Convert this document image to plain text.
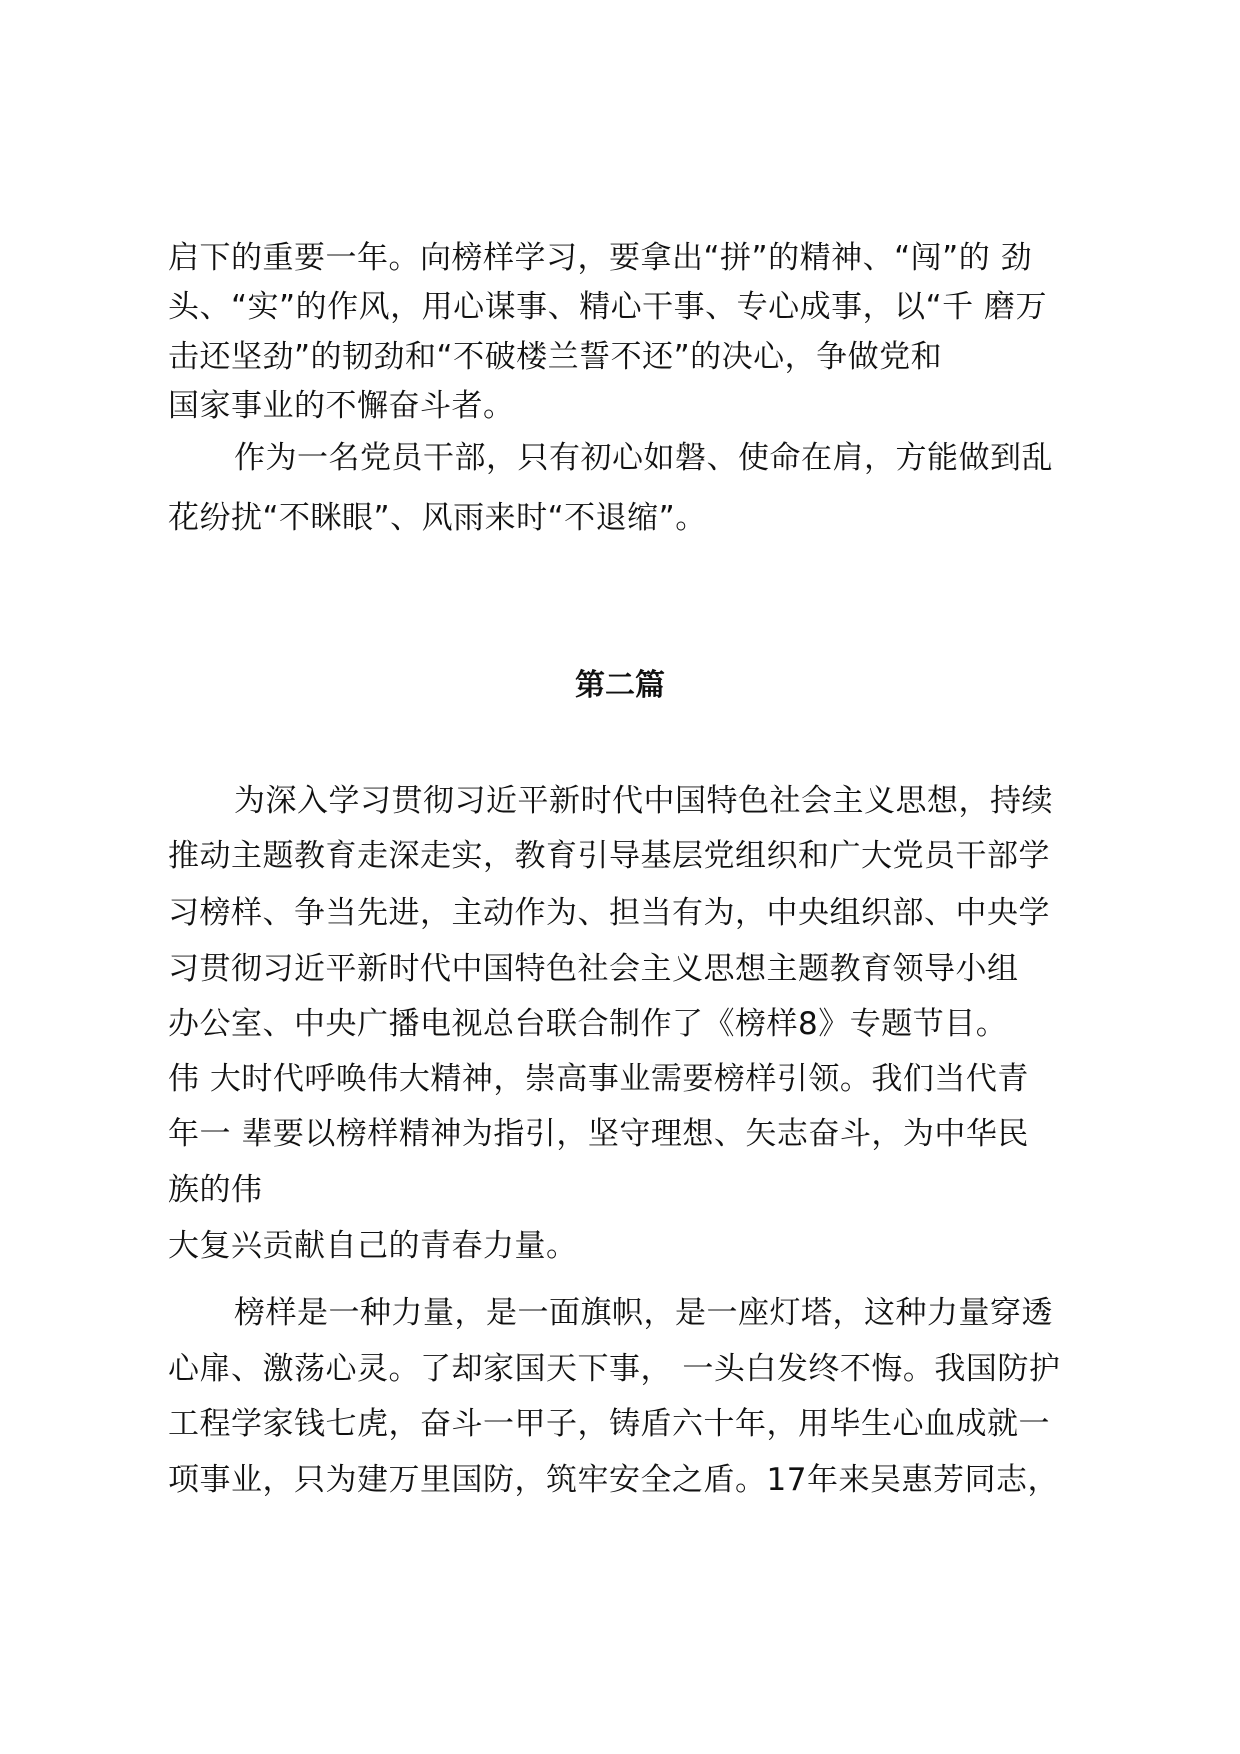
启下的重要一年。向榜样学习，要拿出“拼”的精神、“闯”的 劲
头、“实”的作风，用心谋事、精心干事、专心成事，以“千 磨万
击还坚劲”的韧劲和“不破楼兰誓不还”的决心，争做党和
国家事业的不懈奋斗者。
作为一名党员干部，只有初心如磐、使命在肩，方能做到乱
花纷扰“不眯眼”、风雨来时“不退缩”。
第二篇
为深入学习贯彻习近平新时代中国特色社会主义思想，持续
推动主题教育走深走实，教育引导基层党组织和广大党员干部学
习榜样、争当先进，主动作为、担当有为，中央组织部、中央学
习贯彻习近平新时代中国特色社会主义思想主题教育领导小组
办公室、中央广播电视总台联合制作了《榜样8》专题节目。
伟 大时代呼唤伟大精神，崇高事业需要榜样引领。我们当代青
年一 辈要以榜样精神为指引，坚守理想、矢志奋斗，为中华民
族的伟
大复兴贡献自己的青春力量。
榜样是一种力量，是一面旗帜，是一座灯塔，这种力量穿透
心扉、激荡心灵。了却家国天下事， 一头白发终不悔。我国防护
工程学家钱七虎，奋斗一甲子，铸盾六十年，用毕生心血成就一
项事业，只为建万里国防，筑牢安全之盾。17年来吴惠芳同志，
